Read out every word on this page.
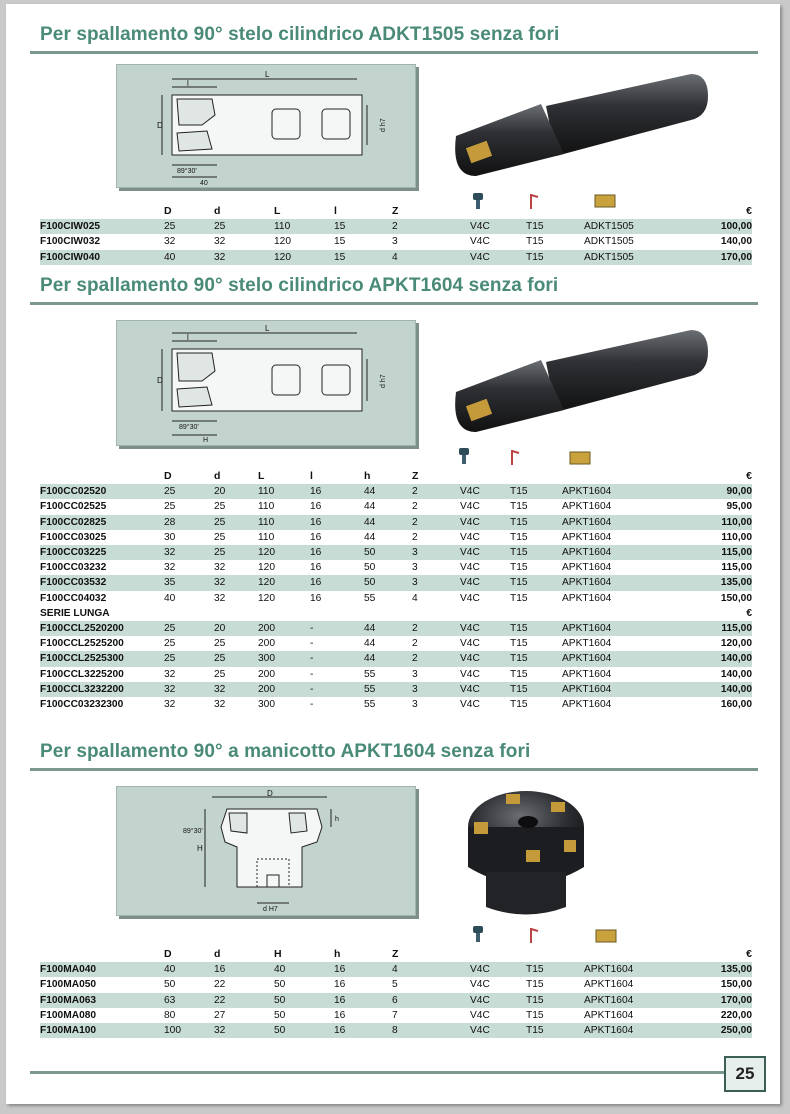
Per spallamento 90° stelo cilindrico ADKT1505 senza fori
l
L
D	d h7
89°30'
40
	D	d	L	l	Z				€
F100CIW025	25	25	110	15	2	V4C	T15	ADKT1505	100,00
F100CIW032	32	32	120	15	3	V4C	T15	ADKT1505	140,00
F100CIW040	40	32	120	15	4	V4C	T15	ADKT1505	170,00
Per spallamento 90° stelo cilindrico APKT1604 senza fori
l
L
D	d h7
89°30'
H
	D	d	L	l	h	Z				€
F100CC02520	25	20	110	16	44	2	V4C	T15	APKT1604	90,00
F100CC02525	25	25	110	16	44	2	V4C	T15	APKT1604	95,00
F100CC02825	28	25	110	16	44	2	V4C	T15	APKT1604	110,00
F100CC03025	30	25	110	16	44	2	V4C	T15	APKT1604	110,00
F100CC03225	32	25	120	16	50	3	V4C	T15	APKT1604	115,00
F100CC03232	32	32	120	16	50	3	V4C	T15	APKT1604	115,00
F100CC03532	35	32	120	16	50	3	V4C	T15	APKT1604	135,00
F100CC04032	40	32	120	16	55	4	V4C	T15	APKT1604	150,00
SERIE LUNGA										€
F100CCL2520200	25	20	200	-	44	2	V4C	T15	APKT1604	115,00
F100CCL2525200	25	25	200	-	44	2	V4C	T15	APKT1604	120,00
F100CCL2525300	25	25	300	-	44	2	V4C	T15	APKT1604	140,00
F100CCL3225200	32	25	200	-	55	3	V4C	T15	APKT1604	140,00
F100CCL3232200	32	32	200	-	55	3	V4C	T15	APKT1604	140,00
F100CC03232300	32	32	300	-	55	3	V4C	T15	APKT1604	160,00
Per spallamento 90° a manicotto APKT1604 senza fori
D
89°30'
h
H
d H7
	D	d	H	h	Z				€
F100MA040	40	16	40	16	4	V4C	T15	APKT1604	135,00
F100MA050	50	22	50	16	5	V4C	T15	APKT1604	150,00
F100MA063	63	22	50	16	6	V4C	T15	APKT1604	170,00
F100MA080	80	27	50	16	7	V4C	T15	APKT1604	220,00
F100MA100	100	32	50	16	8	V4C	T15	APKT1604	250,00
25
